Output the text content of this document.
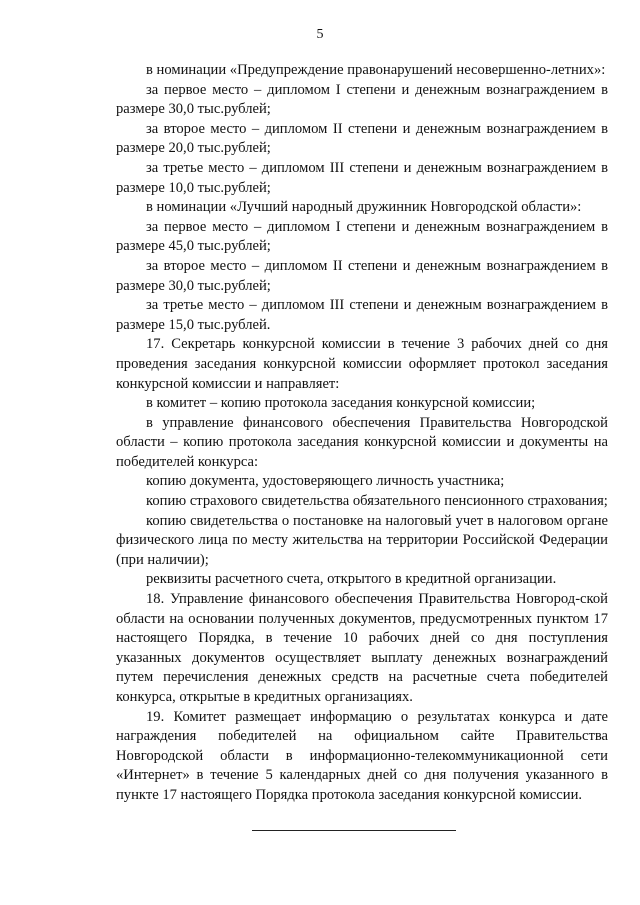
5

в номинации «Предупреждение правонарушений несовершенно-летних»:

за первое место – дипломом I степени и денежным вознаграждением в размере 30,0 тыс.рублей;

за второе место – дипломом II степени и денежным вознаграждением в размере 20,0 тыс.рублей;

за третье место – дипломом III степени и денежным вознаграждением в размере 10,0 тыс.рублей;

в номинации «Лучший народный дружинник Новгородской области»:

за первое место – дипломом I степени и денежным вознаграждением в размере 45,0 тыс.рублей;

за второе место – дипломом II степени и денежным вознаграждением в размере 30,0 тыс.рублей;

за третье место – дипломом III степени и денежным вознаграждением в размере 15,0 тыс.рублей.

17. Секретарь конкурсной комиссии в течение 3 рабочих дней со дня проведения заседания конкурсной комиссии оформляет протокол заседания конкурсной комиссии и направляет:

в комитет – копию протокола заседания конкурсной комиссии;

в управление финансового обеспечения Правительства Новгородской области – копию протокола заседания конкурсной комиссии и документы на победителей конкурса:

копию документа, удостоверяющего личность участника;

копию страхового свидетельства обязательного пенсионного страхования;

копию свидетельства о постановке на налоговый учет в налоговом органе физического лица по месту жительства на территории Российской Федерации (при наличии);

реквизиты расчетного счета, открытого в кредитной организации.

18. Управление финансового обеспечения Правительства Новгород-ской области на основании полученных документов, предусмотренных пунктом 17 настоящего Порядка, в течение 10 рабочих дней со дня поступления указанных документов осуществляет выплату денежных вознаграждений путем перечисления денежных средств на расчетные счета победителей конкурса, открытые в кредитных организациях.

19. Комитет размещает информацию о результатах конкурса и дате награждения победителей на официальном сайте Правительства Новгородской области в информационно-телекоммуникационной сети «Интернет» в течение 5 календарных дней со дня получения указанного в пункте 17 настоящего Порядка протокола заседания конкурсной комиссии.
